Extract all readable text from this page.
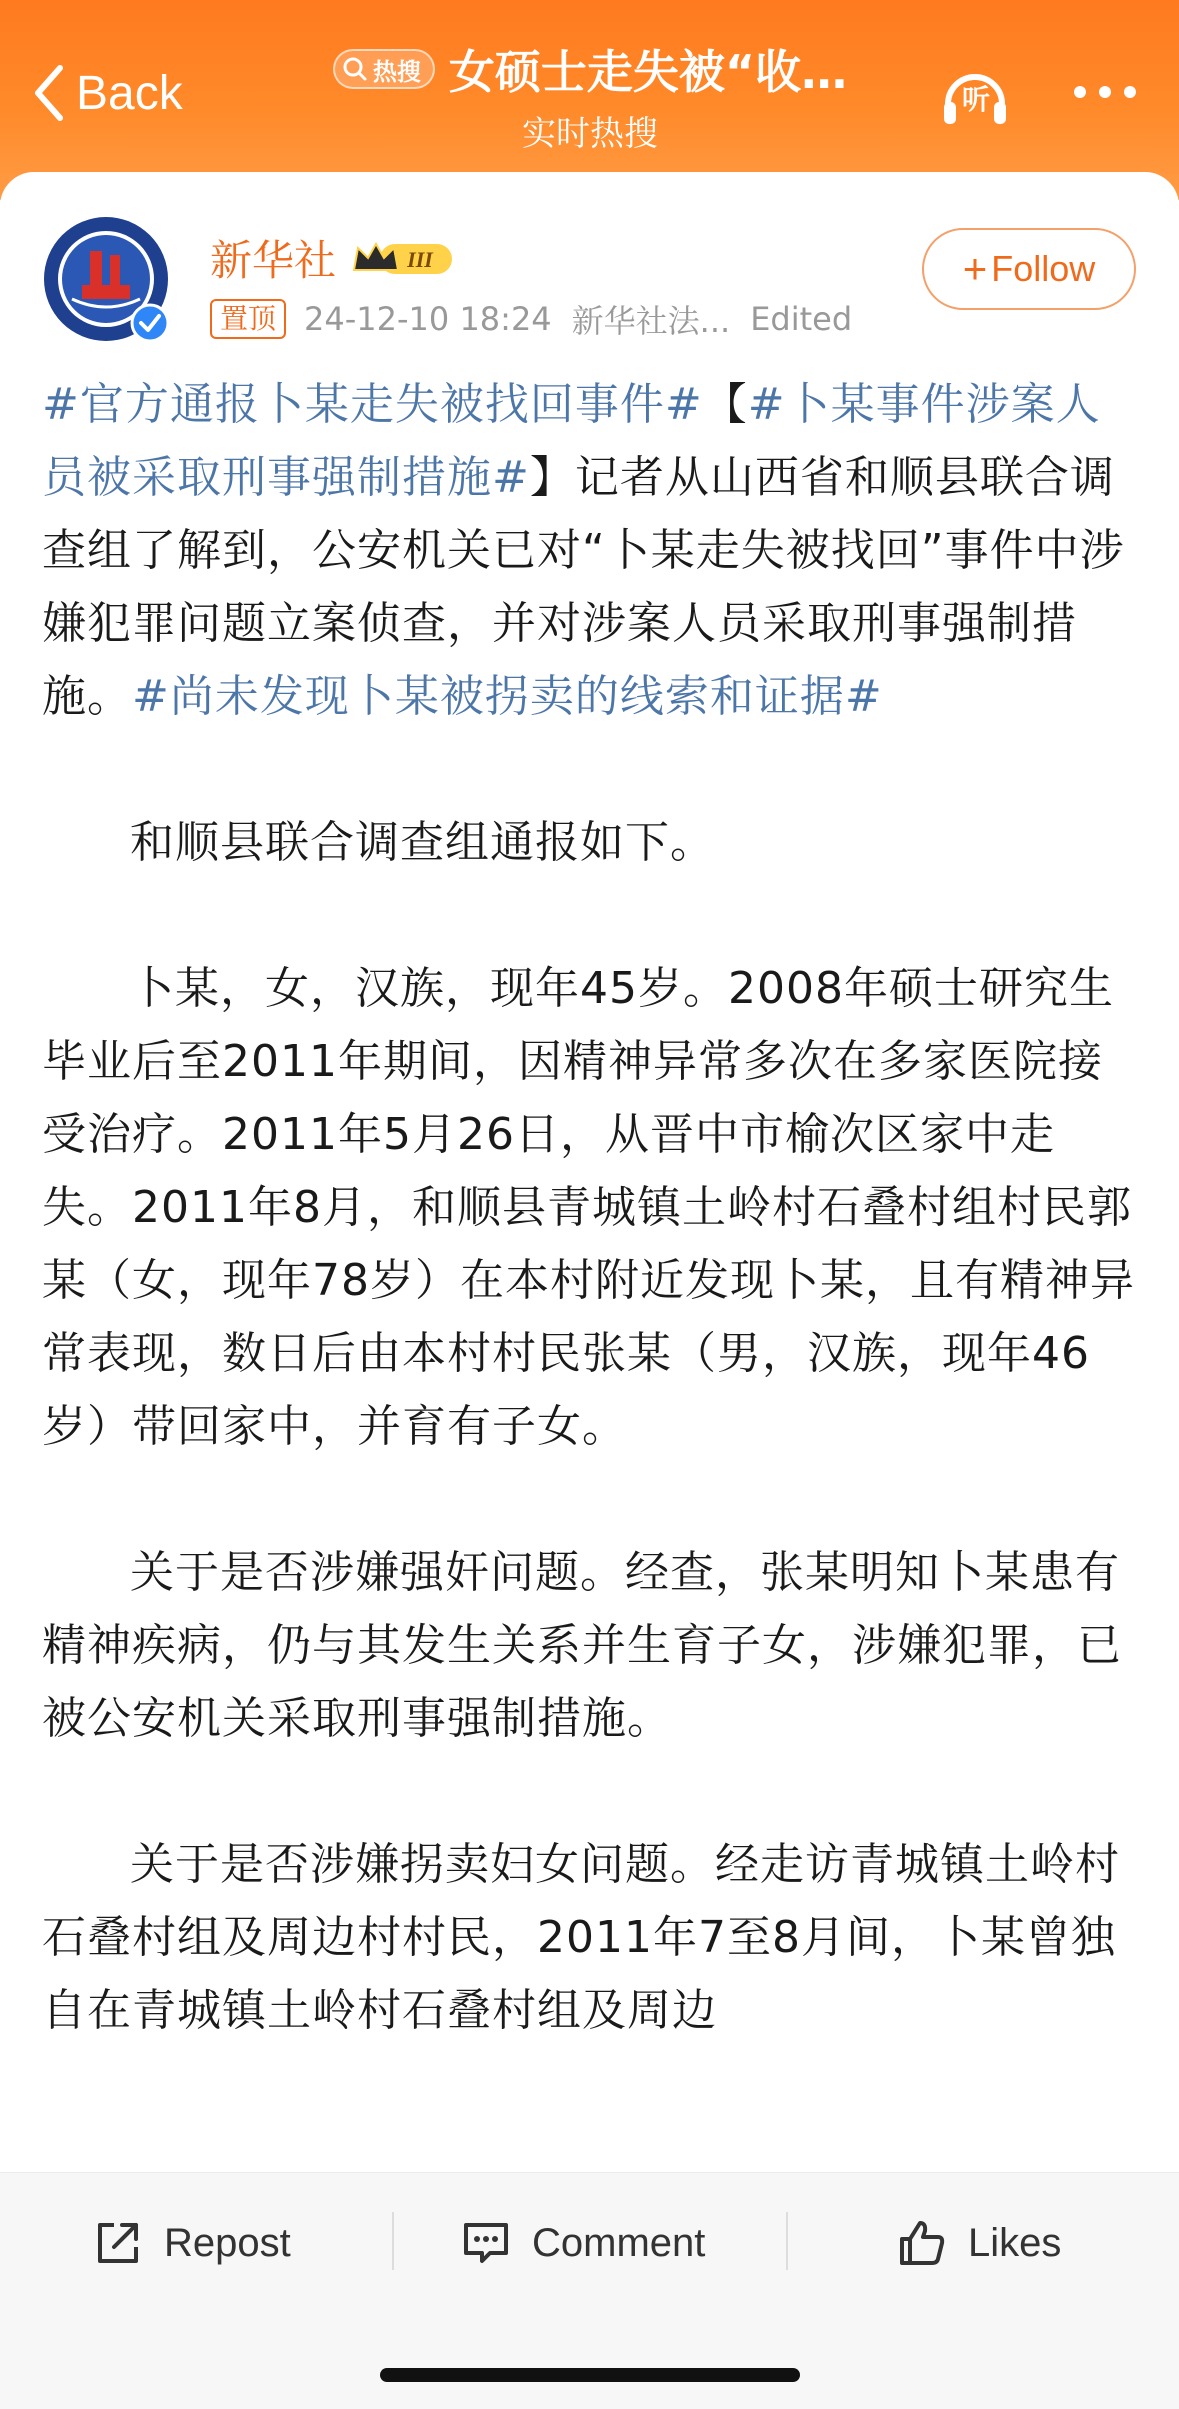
Back	热搜 女硕士走失被“收…
实时热搜
听
新华社	III
置顶 24-12-10 18:24 新华社法... Edited
+ Follow

#官方通报卜某走失被找回事件#【#卜某事件涉案人员被采取刑事强制措施#】记者从山西省和顺县联合调查组了解到，公安机关已对“卜某走失被找回”事件中涉嫌犯罪问题立案侦查，并对涉案人员采取刑事强制措施。#尚未发现卜某被拐卖的线索和证据#

和顺县联合调查组通报如下。

卜某，女，汉族，现年45岁。2008年硕士研究生毕业后至2011年期间，因精神异常多次在多家医院接受治疗。2011年5月26日，从晋中市榆次区家中走失。2011年8月，和顺县青城镇土岭村石叠村组村民郭某（女，现年78岁）在本村附近发现卜某，且有精神异常表现，数日后由本村村民张某（男，汉族，现年46岁）带回家中，并育有子女。

关于是否涉嫌强奸问题。经查，张某明知卜某患有精神疾病，仍与其发生关系并生育子女，涉嫌犯罪，已被公安机关采取刑事强制措施。

关于是否涉嫌拐卖妇女问题。经走访青城镇土岭村石叠村组及周边村村民，2011年7至8月间，卜某曾独自在青城镇土岭村石叠村组及周边

Repost	Comment	Likes
